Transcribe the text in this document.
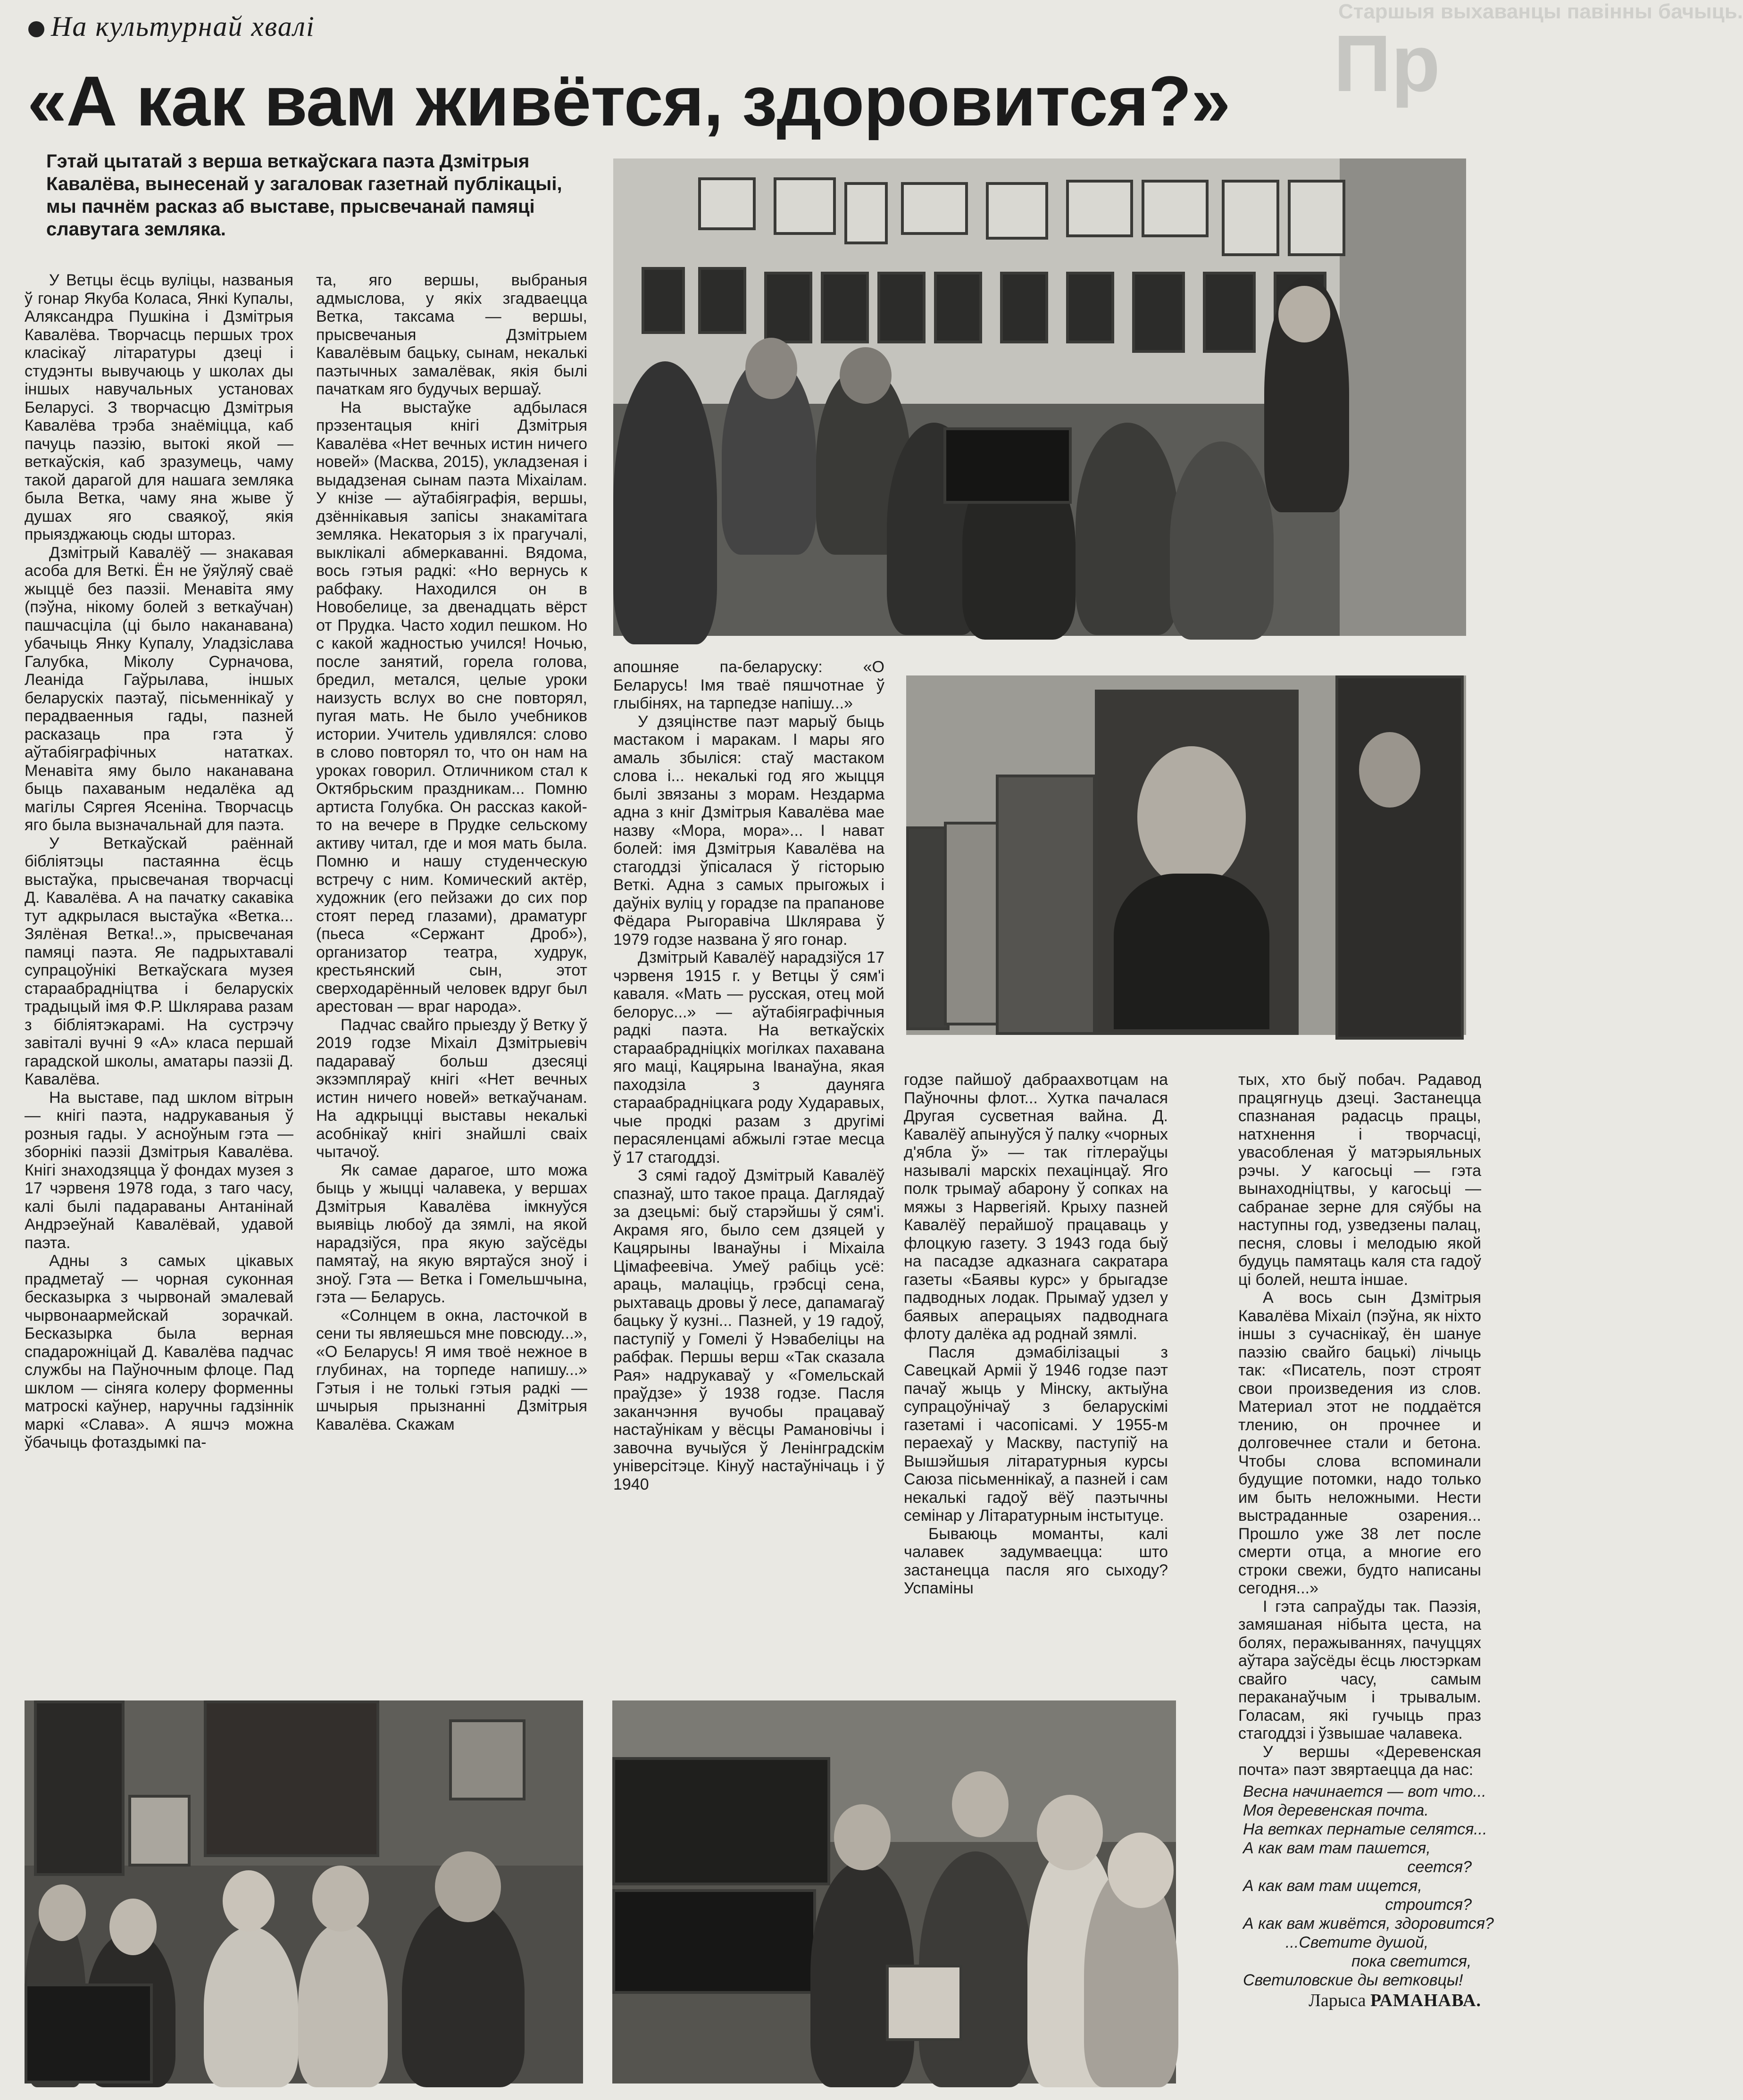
На культурнай хвалі	Старшыя выхаванцы павінны бачыць.
Пр
«А как вам живётся, здоровится?»
Гэтай цытатай з верша веткаўскага паэта Дзмітрыя Кавалёва, вынесенай у загаловак газетнай публікацыі, мы пачнём расказ аб выставе, прысвечанай памяці славутага земляка.

У Ветцы ёсць вуліцы, названыя ў гонар Якуба Коласа, Янкі Купалы, Аляксандра Пушкіна і Дзмітрыя Кавалёва. Творчасць першых трох класікаў літаратуры дзеці і студэнты вывучаюць у школах ды іншых навучальных установах Беларусі. З творчасцю Дзмітрыя Кавалёва трэба знаёміцца, каб пачуць паэзію, вытокі якой — веткаўскія, каб зразумець, чаму такой дарагой для нашага земляка была Ветка, чаму яна жыве ў душах яго сваякоў, якія прыязджаюць сюды штораз.

Дзмітрый Кавалёў — знакавая асоба для Веткі. Ён не ўяўляў сваё жыццё без паэзіі. Менавіта яму (пэўна, нікому болей з веткаўчан) пашчасціла (ці было наканавана) убачыць Янку Купалу, Уладзіслава Галубка, Міколу Сурначова, Леаніда Гаўрылава, іншых беларускіх паэтаў, пісьменнікаў у перадваенныя гады, пазней расказаць пра гэта ў аўтабіяграфічных нататках. Менавіта яму было наканавана быць пахаваным недалёка ад магілы Сяргея Ясеніна. Творчасць яго была вызначальнай для паэта.

У Веткаўскай раённай бібліятэцы пастаянна ёсць выстаўка, прысвечаная творчасці Д. Кавалёва. А на пачатку сакавіка тут адкрылася выстаўка «Ветка... Зялёная Ветка!..», прысвечаная памяці паэта. Яе падрыхтавалі супрацоўнікі Веткаўскага музея стараабраднiцтва і беларускіх традыцый імя Ф.Р. Шклярава разам з бібліятэкарамі. На сустрэчу завіталі вучні 9 «А» класа першай гарадской школы, аматары паэзіі Д. Кавалёва.

На выставе, пад шклом вітрын — кнігі паэта, надрукаваныя ў розныя гады. У асноўным гэта — зборнікі паэзіі Дзмітрыя Кавалёва. Кнігі знаходзяцца ў фондах музея з 17 чэрвеня 1978 года, з таго часу, калі былі падараваны Антанінай Андрэеўнай Кавалёвай, удавой паэта.

Адны з самых цікавых прадметаў — чорная суконная бесказырка з чырвонай эмалевай чырвонаармейскай зорачкай. Бесказырка была верная спадарожніцай Д. Кавалёва падчас службы на Паўночным флоце. Пад шклом — сіняга колеру форменны матроскі каўнер, наручны гадзіннік маркі «Слава». А яшчэ можна ўбачыць фотаздымкі па-

та, яго вершы, выбраныя адмыслова, у якіх згадваецца Ветка, таксама — вершы, прысвечаныя Дзмітрыем Кавалёвым бацьку, сынам, некалькі паэтычных замалёвак, якія былі пачаткам яго будучых вершаў.

На выстаўке адбылася прэзентацыя кнігі Дзмітрыя Кавалёва «Нет вечных истин ничего новей» (Масква, 2015), укладзеная і выдадзеная сынам паэта Міхаілам. У кнізе — аўтабіяграфія, вершы, дзённікавыя запісы знакамітага земляка. Некаторыя з іх прагучалі, выклікалі абмеркаванні. Вядома, вось гэтыя радкі: «Но вернусь к рабфаку. Находился он в Новобелице, за двенадцать вёрст от Прудка. Часто ходил пешком. Но с какой жадностью учился! Ночью, после занятий, горела голова, бредил, метался, целые уроки наизусть вслух во сне повторял, пугая мать. Не было учебников истории. Учитель удивлялся: слово в слово повторял то, что он нам на уроках говорил. Отличником стал к Октябрьским праздникам... Помню артиста Голубка. Он рассказ какой-то на вечере в Прудке сельскому активу читал, где и моя мать была. Помню и нашу студенческую встречу с ним. Комический актёр, художник (его пейзажи до сих пор стоят перед глазами), драматург (пьеса «Сержант Дроб»), организатор театра, худрук, крестьянский сын, этот сверходарённый человек вдруг был арестован — враг народа».

Падчас свайго прыезду ў Ветку ў 2019 годзе Міхаіл Дзмітрыевіч падараваў больш дзесяці экзэмпляраў кнігі «Нет вечных истин ничего новей» веткаўчанам. На адкрыцці выставы некалькі асобнікаў кнігі знайшлі сваіх чытачоў.

Як самае дарагое, што можа быць у жыцці чалавека, у вершах Дзмітрыя Кавалёва імкнуўся выявіць любоў да зямлі, на якой нарадзіўся, пра якую заўсёды памятаў, на якую вяртаўся зноў і зноў. Гэта — Ветка і Гомельшчына, гэта — Беларусь.

«Солнцем в окна, ласточкой в сени ты являешься мне повсюду...», «О Беларусь! Я имя твоё нежное в глубинах, на торпеде напишу...» Гэтыя і не толькі гэтыя радкі — шчырыя прызнанні Дзмітрыя Кавалёва. Скажам

апошняе па-беларуску: «О Беларусь! Імя тваё пяшчотнае ў глыбінях, на тарпедзе напішу...»

У дзяцінстве паэт марыў быць мастаком і маракам. І мары яго амаль збыліся: стаў мастаком слова і... некалькі год яго жыцця былі звязаны з морам. Нездарма адна з кніг Дзмітрыя Кавалёва мае назву «Мора, мора»... І нават болей: імя Дзмітрыя Кавалёва на стагоддзі ўпісалася ў гісторыю Веткі. Адна з самых прыгожых і даўніх вуліц у горадзе па прапанове Фёдара Рыгоравіча Шклярава ў 1979 годзе названа ў яго гонар.

Дзмітрый Кавалёў нарадзіўся 17 чэрвеня 1915 г. у Ветцы ў сям'і каваля. «Мать — русская, отец мой белорус...» — аўтабіяграфічныя радкі паэта. На веткаўскіх стараабрадніцкіх могілках пахавана яго маці, Кацярына Іванаўна, якая паходзіла з дауняга стараабрадніцкага роду Хударавых, чые продкі разам з другімі перасяленцамі абжылі гэтае месца ў 17 стагоддзі.

З сямі гадоў Дзмітрый Кавалёў спазнаў, што такое праца. Даглядаў за дзецьмі: быў старэйшы ў сям'і. Акрамя яго, было сем дзяцей у Кацярыны Іванаўны і Міхаіла Цімафеевіча. Умеў рабіць усё: араць, малаціць, грэбсці сена, рыхтаваць дровы ў лесе, дапамагаў бацьку ў кузні... Пазней, у 19 гадоў, паступіў у Гомелі ў Нэвабеліцы на рабфак. Першы верш «Так сказала Рая» надрукаваў у «Гомельскай праўдзе» ў 1938 годзе. Пасля заканчэння вучобы працаваў настаўнікам у вёсцы Рамановічы і завочна вучыўся ў Ленінградскім універсітэце. Кінуў настаўнічаць і ў 1940

годзе пайшоў дабраахвотцам на Паўночны флот... Хутка пачалася Другая сусветная вайна. Д. Кавалёў апынуўся ў палку «чорных д'ябла ў» — так гітлераўцы называлі марскіх пехацінцаў. Яго полк трымаў абарону ў сопках на мяжы з Нарвегіяй. Крыху пазней Кавалёў перайшоў працаваць у флоцкую газету. З 1943 года быў на пасадзе адказнага сакратара газеты «Баявы курс» у брыгадзе падводных лодак. Прымаў удзел у баявых аперацыях падводнага флоту далёка ад роднай зямлі.

Пасля дэмабілізацыі з Савецкай Арміі ў 1946 годзе паэт пачаў жыць у Мінску, актыўна супрацоўнічаў з беларускімі газетамі і часопісамі. У 1955-м пераехаў у Маскву, паступіў на Вышэйшыя літаратурныя курсы Саюза пісьменнікаў, а пазней і сам некалькі гадоў вёў паэтычны семінар у Літаратурным інстытуце.

Бываюць моманты, калі чалавек задумваецца: што застанецца пасля яго сыходу? Успаміны

тых, хто быў побач. Радавод працягнуць дзеці. Застанецца спазнаная радасць працы, натхнення і творчасці, увасобленая ў матэрыяльных рэчы. У кагосьці — гэта вынаходніцтвы, у кагосьці — сабранае зерне для сяўбы на наступны год, узведзены палац, песня, словы і мелодыю якой будуць памятаць каля ста гадоў ці болей, нешта іншае.

А вось сын Дзмітрыя Кавалёва Міхаіл (пэўна, як ніхто іншы з сучаснікаў, ён шануе паэзію свайго бацькі) лічыць так: «Писатель, поэт строят свои произведения из слов. Материал этот не поддаётся тлению, он прочнее и долговечнее стали и бетона. Чтобы слова вспоминали будущие потомки, надо только им быть неложными. Нести выстраданные озарения... Прошло уже 38 лет после смерти отца, а многие его строки свежи, будто написаны сегодня...»

І гэта сапраўды так. Паэзія, замяшаная нібыта цеста, на болях, перажываннях, пачуццях аўтара заўсёды ёсць люстэркам свайго часу, самым пераканаўчым і трывалым. Голасам, які гучыць праз стагоддзі і ўзвышае чалавека.

У вершы «Деревенская почта» паэт звяртаецца да нас:

Весна начинается — вот что...
Моя деревенская почта.
На ветках пернатые селятся...
А как вам там пашется,
сеется?
А как вам там ищется,
строится?
А как вам живётся, здоровится?
...Светите душой,
пока светится,
Светиловские ды ветковцы!
Ларыса РАМАНАВА.
